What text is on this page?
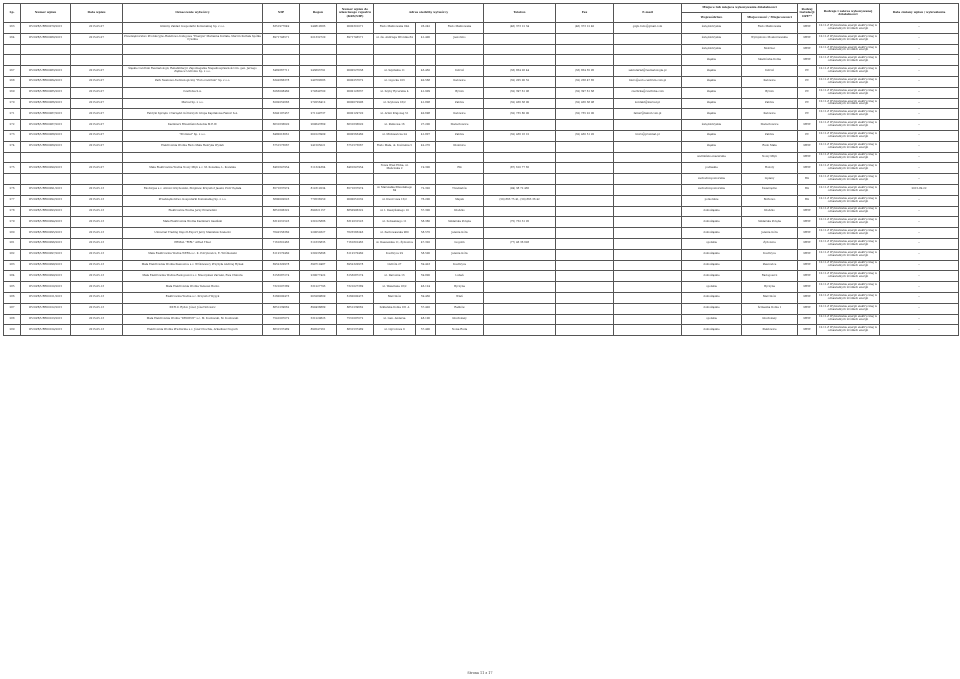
Lp.	Numer wpisu	Data wpisu	Oznaczenie wytwórcy	NIP	Regon	Numer wpisu do właściwego rejestru (KRS/NIP)	Adres siedziby wytwórcy			Telefon	Fax	E-mail	Miejsce lub miejsca wykonywania działalności		Rodzaj instalacji OZE**	Rodzaje i zakres wykonywanej działalności	Data zmiany wpisu / wykreślenia
													Województwo	Miejscowość / Miejscowości			
263	WUOZE/URE00079/2015	2015-05-07	Gminny Zakład Gospodarki Komunalnej Sp. z o.o.	6351977649	240819583	0000301071	Rudo Malinowska 99A	26-242	Rudo Malinowska	(46) 373 12 34	(46) 373 12 40	gzgk.rudo@gmail.com	świętokrzyskie	Rudo Malinowska	MEW	10.11.Z Wytwarzanie energii elektrycznej w odnawialnych źródłach energii	--
264	WUOZE/URE00080/2015	2015-05-07	Przedsiębiorstwo Produkcyjno-Handlowo-Usługowe "Energia" Marianna Kurlała, Marcin Kurlała Spółka Cywilna	8971746571	021332720	8971746571	ul. św. Andrzeja Wronika 84	41-400	Jaworzno				świętokrzyskie	Wymysłowo Moskorzewskie	MEW	10.11.Z Wytwarzanie energii elektrycznej w odnawialnych źródłach energii	--
													świętokrzyskie	Mokrzec	MEW	10.11.Z Wytwarzanie energii elektrycznej w odnawialnych źródłach energii	--
													śląskie	Skarżówka Dolna	MEW	10.11.Z Wytwarzanie energii elektrycznej w odnawialnych źródłach energii	--
267	WUOZE/URE00083/2015	2015-05-07	Śląskie Centrum Reumatologii, Rehabilitacji i Zapobiegania Niepełnosprawności im. gen. Jerzego Ziętka w Ustroniu Sp. z o.o.	5482667711	243693791	0000527638	ul. Szpitalna 11	43-450	Ustroń	(33) 854 26 44	(33) 854 35 95	sekretariat@reumatologia.pl	śląskie	Ustroń	PV	10.11.Z Wytwarzanie energii elektrycznej w odnawialnych źródłach energii	--
268	WUOZE/URE00084/2015	2015-05-07	Park Naukowo-Technologiczny "Euro-Centrum" Sp. z o.o.	6342666378	240789583	0000257672	ul. Ligocka 103	40-568	Katowice	(32) 205 00 52	(32) 258 47 85	biuro@euro-centrum.com.pl	śląskie	Katowice	PV	10.11.Z Wytwarzanie energii elektrycznej w odnawialnych źródłach energii	--
269	WUOZE/URE00085/2015	2015-05-07	Czerlicka S.A.	6263008460	272849700	0000123837	ul. Szyby Rycerskie 4	41-909	Bytom	(32) 397 61 06	(32) 397 61 68	czerlicka@czerlicka.com	śląskie	Bytom	PV	10.11.Z Wytwarzanie energii elektrycznej w odnawialnych źródłach energii	--
270	WUOZE/URE00086/2015	2015-05-07	Marcel Sp. z o.o.	6292052683	272056412	0000072996	ul. Szybowa 16/2	41-808	Zabrze	(32) 456 38 00	(32) 456 38 98	kontakt@marcel.pl	śląskie	Zabrze	PV	10.11.Z Wytwarzanie energii elektrycznej w odnawialnych źródłach energii	--
271	WUOZE/URE00087/2015	2015-05-07	Fabryki Sprzętu i Narzędzi Górniczych Grupa Kapitałowa Famur S.A.	6340197457	271149737	0000129720	ul. Armii Krajowej 51	40-698	Katowice	(32) 735 80 00	(32) 735 22 00	famur@famur.com.pl	śląskie	Katowice	PV	10.11.Z Wytwarzanie energii elektrycznej w odnawialnych źródłach energii	--
272	WUOZE/URE00087/2015	2015-05-07	Kazimierz Brzeziński Zenobia M.E.W.	6631636620	260647869	6631636620	ul. Pankowa 16	27-200	Starachowice				świętokrzyskie	Starachowice	MEW	10.11.Z Wytwarzanie energii elektrycznej w odnawialnych źródłach energii	--
273	WUOZE/URE00088/2015	2015-05-07	"Promnat" Sp. z o.o.	6480016661	000123909	0000563460	ul. Mickiewicza 24	41-807	Zabrze	(32) 436 16 10	(32) 430 51 20	biuro@promnat.pl	śląskie	Zabrze	PV	10.11.Z Wytwarzanie energii elektrycznej w odnawialnych źródłach energii	--
274	WUOZE/URE00089/2015	2015-05-07	Elektrownia Wodna Rudo Mała Henryka Wydeh	5751575667	241505021	5751575667	Rudo Mała, ul. Kościelna 5	42-270	Kłomnice				śląskie	Rudo Mała	MEW	10.11.Z Wytwarzanie energii elektrycznej w odnawialnych źródłach energii	--
													warmińsko-mazurskie	Nowy Młyn	MEW	10.11.Z Wytwarzanie energii elektrycznej w odnawialnych źródłach energii	--
275	WUOZE/URE00090/2015	2015-05-07	Mała Elektrownia Wodna Nowy Młyn s.c. M. Kozanka, L. Kozanka	8481647954	511324364	8481647954	Nowa Wieś Ełcka, ul. Mańczuka 2	19-300	Ełk	(87) 610 77 65			podlaskie	Hołody	MEW	10.11.Z Wytwarzanie energii elektrycznej w odnawialnych źródłach energii	--
													zachodniopomorskie	Lipiany	BG	10.11.Z Wytwarzanie energii elektrycznej w odnawialnych źródłach energii	--
276	WUOZE/URE00091/2015	2015-05-13	Ekoforgas s.c. Antoni Grzybowski, Zbigniew Krzysztof Jaeski, Piotr Pędała	8571637974	812312034	8571637974	ul. Marszałka Piłsudskiego 84	72-320	Trzebiatów	(94) 38 72 465			zachodniopomorskie	Świerzędno	BG	10.11.Z Wytwarzanie energii elektrycznej w odnawialnych źródłach energii	2015-09-22
277	WUOZE/URE00092/2015	2015-05-13	Przedsiębiorstwo Gospodarki Komunalnej Sp. z o.o.	5890002623	770538250	0000051032	ul. Dworcowa 15/2	76-200	Słupsk	(59) 863 75 41, (59) 863 36 42			pomorskie	Borkowo	BG	10.11.Z Wytwarzanie energii elektrycznej w odnawialnych źródłach energii	--
278	WUOZE/URE00093/2015	2015-05-13	Elektrownie Wodne Jerzy Przeradzki	8851606322	890321157	8850906322	ul. I. Daszyńskiego 10	57-300	Kłodzko				dolnośląskie	Kłodzko	MEW	10.11.Z Wytwarzanie energii elektrycznej w odnawialnych źródłach energii	--
279	WUOZE/URE00094/2015	2015-05-13	Mała Elektrownia Wodna Kazimierz Gasiński	6312031523	230125886	6312031523	ul. Sobieskiego 11	58-380	Szklarska Poręba	(75) 752 31 05			dolnośląskie	Szklarska Poręba	MEW	10.11.Z Wytwarzanie energii elektrycznej w odnawialnych źródłach energii	--
280	WUOZE/URE00095/2015	2015-05-13	Universal Trading Import-Export Jerzy Stanisław Szelecki	7642556360	220050327	7625583246	ul. Zachowawska 960	58-570	Jelenia Góra				dolnośląskie	Jelenia Góra	MEW	10.11.Z Wytwarzanie energii elektrycznej w odnawialnych źródłach energii	--
281	WUOZE/URE00096/2015	2015-05-13	PHMAL "FIRL" Alfred Thiel	7161801465	511633835	7161801465	ul. Daszewska 11, Żydowice	47-320	Gogolin	(77) 46 36 693			opolskie	Żydowice	MEW	10.11.Z Wytwarzanie energii elektrycznej w odnawialnych źródłach energii	--
282	WUOZE/URE00097/2015	2015-05-13	Mała Elektrownia Wodna WERA s.c. K. Potrykowicz, E. Wróblewski	6112570460	230235898	6112570460	Kostrzyce 29	58-500	Jelenia Góra				dolnośląskie	Kostrzyce	MEW	10.11.Z Wytwarzanie energii elektrycznej w odnawialnych źródłach energii	--
283	WUOZE/URE00098/2015	2015-05-13	Mała Elektrownia Wodna Paszowice s.c. Wróblewscy Przybyła Andrzej Hynak	6952320978	390710487	6952320978	Ostróm 27	59-423	Kostrzyca				dolnośląskie	Paszowice	MEW	10.11.Z Wytwarzanie energii elektrycznej w odnawialnych źródłach energii	--
284	WUOZE/URE00099/2015	2015-05-13	Mała Elektrownia Wodna Radogoszcz s.c. Mieczysław Zarzeki, Ewa Chmura	6153087274	230077422	6153087274	ul. Darowna 13	59-800	Lubań				dolnośląskie	Radogoszcz	MEW	10.11.Z Wytwarzanie energii elektrycznej w odnawialnych źródłach energii	--
285	WUOZE/URE00100/2015	2015-05-13	Mała Elektrownia Wodna Tadeusz Bucko	7321007389	531227793	7321027389	ul. Waleriana 18/2	46-124	Byczyna				opolskie	Byczyna	MEW	10.11.Z Wytwarzanie energii elektrycznej w odnawialnych źródłach energii	--
286	WUOZE/URE00101/2015	2015-05-13	Elektrownia Wodna s.c. Krzysztof Wypyk	6160000473	003289809	6160000473	Marcinów	59-430	Wleń				dolnośląskie	Marcinów	MEW	10.11.Z Wytwarzanie energii elektrycznej w odnawialnych źródłach energii	--
287	WUOZE/URE00102/2015	2015-05-13	P.P.H.U. Rydzo Józef, Józef Sitowicz	8851239662	890438889	8851239662	Szklarska Dolna 161 A	57-420	Radków				dolnośląskie	Ścinawka Dolna 1	MEW	10.11.Z Wytwarzanie energii elektrycznej w odnawialnych źródłach energii	--
288	WUOZE/URE00103/2015	2015-05-13	Mała Elektrownia Wodna "DROWOT" s.c. M. Kozłowski, M. Kozłowski	7541097072	531229823	7531097072	ul. Gen. Andersa	48-100	Głuchołazy				opolskie	Głuchołazy	MEW	10.11.Z Wytwarzanie energii elektrycznej w odnawialnych źródłach energii	--
289	WUOZE/URE00104/2015	2015-05-13	Elektrownia Wodna Prudnickie s.c. Józef Chochla, Arkadiusz Noguch	8831537489	890547261	8831537489	ul. Ogrodowa 9	57-400	Nowa Ruda				dolnośląskie	Piekłowice	MEW	10.11.Z Wytwarzanie energii elektrycznej w odnawialnych źródłach energii	--
Strona 11 z 17
